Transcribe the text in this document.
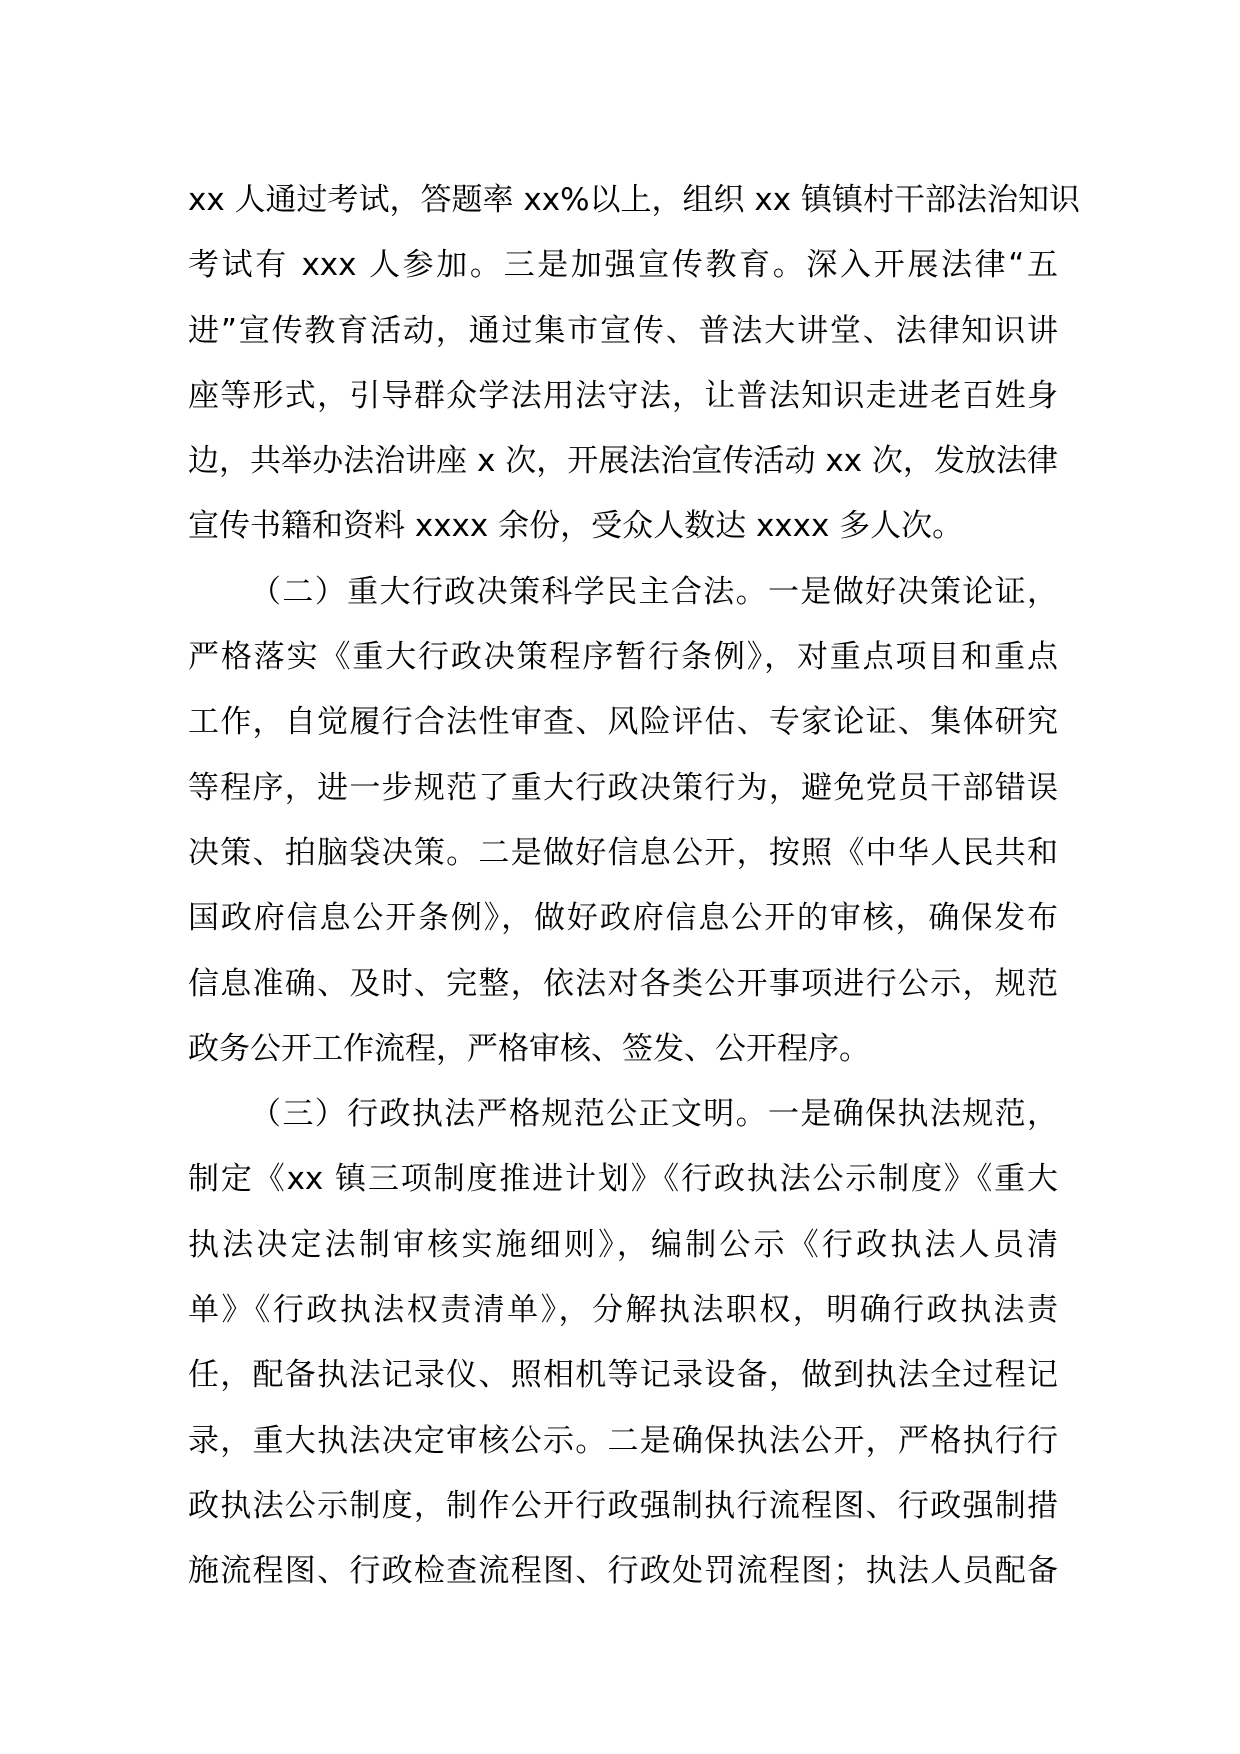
xx 人通过考试，答题率 xx%以上，组织 xx 镇镇村干部法治知识
考试有 xxx 人参加。三是加强宣传教育。深入开展法律“五
进”宣传教育活动，通过集市宣传、普法大讲堂、法律知识讲
座等形式，引导群众学法用法守法，让普法知识走进老百姓身
边，共举办法治讲座 x 次，开展法治宣传活动 xx 次，发放法律
宣传书籍和资料 xxxx 余份，受众人数达 xxxx 多人次。
（二）重大行政决策科学民主合法。一是做好决策论证，
严格落实《重大行政决策程序暂行条例》，对重点项目和重点
工作，自觉履行合法性审查、风险评估、专家论证、集体研究
等程序，进一步规范了重大行政决策行为，避免党员干部错误
决策、拍脑袋决策。二是做好信息公开，按照《中华人民共和
国政府信息公开条例》，做好政府信息公开的审核，确保发布
信息准确、及时、完整，依法对各类公开事项进行公示，规范
政务公开工作流程，严格审核、签发、公开程序。
（三）行政执法严格规范公正文明。一是确保执法规范，
制定《xx 镇三项制度推进计划》《行政执法公示制度》《重大
执法决定法制审核实施细则》，编制公示《行政执法人员清
单》《行政执法权责清单》，分解执法职权，明确行政执法责
任，配备执法记录仪、照相机等记录设备，做到执法全过程记
录，重大执法决定审核公示。二是确保执法公开，严格执行行
政执法公示制度，制作公开行政强制执行流程图、行政强制措
施流程图、行政检查流程图、行政处罚流程图；执法人员配备
